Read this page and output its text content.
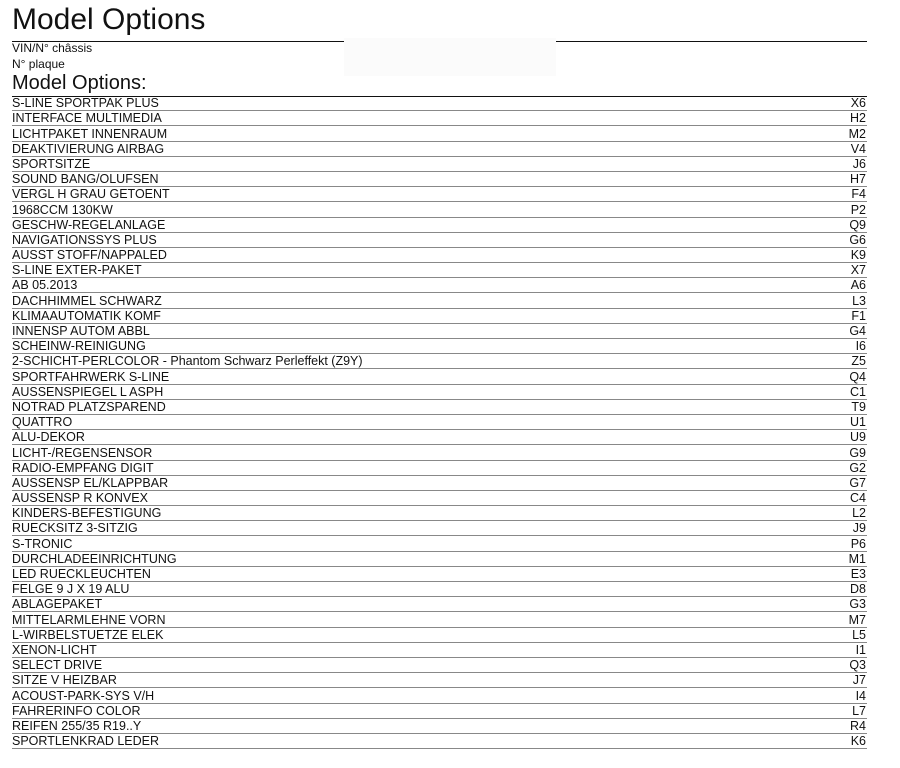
Model Options
VIN/N° châssis
N° plaque
Model Options:
S-LINE SPORTPAK PLUS	X6
INTERFACE MULTIMEDIA	H2
LICHTPAKET INNENRAUM	M2
DEAKTIVIERUNG AIRBAG	V4
SPORTSITZE	J6
SOUND BANG/OLUFSEN	H7
VERGL H GRAU GETOENT	F4
1968CCM 130KW	P2
GESCHW-REGELANLAGE	Q9
NAVIGATIONSSYS PLUS	G6
AUSST STOFF/NAPPALED	K9
S-LINE EXTER-PAKET	X7
AB 05.2013	A6
DACHHIMMEL SCHWARZ	L3
KLIMAAUTOMATIK KOMF	F1
INNENSP AUTOM ABBL	G4
SCHEINW-REINIGUNG	I6
2-SCHICHT-PERLCOLOR - Phantom Schwarz Perleffekt (Z9Y)	Z5
SPORTFAHRWERK S-LINE	Q4
AUSSENSPIEGEL L ASPH	C1
NOTRAD PLATZSPAREND	T9
QUATTRO	U1
ALU-DEKOR	U9
LICHT-/REGENSENSOR	G9
RADIO-EMPFANG DIGIT	G2
AUSSENSP EL/KLAPPBAR	G7
AUSSENSP R KONVEX	C4
KINDERS-BEFESTIGUNG	L2
RUECKSITZ 3-SITZIG	J9
S-TRONIC	P6
DURCHLADEEINRICHTUNG	M1
LED RUECKLEUCHTEN	E3
FELGE 9 J X 19 ALU	D8
ABLAGEPAKET	G3
MITTELARMLEHNE VORN	M7
L-WIRBELSTUETZE ELEK	L5
XENON-LICHT	I1
SELECT DRIVE	Q3
SITZE V HEIZBAR	J7
ACOUST-PARK-SYS V/H	I4
FAHRERINFO COLOR	L7
REIFEN 255/35 R19..Y	R4
SPORTLENKRAD LEDER	K6
